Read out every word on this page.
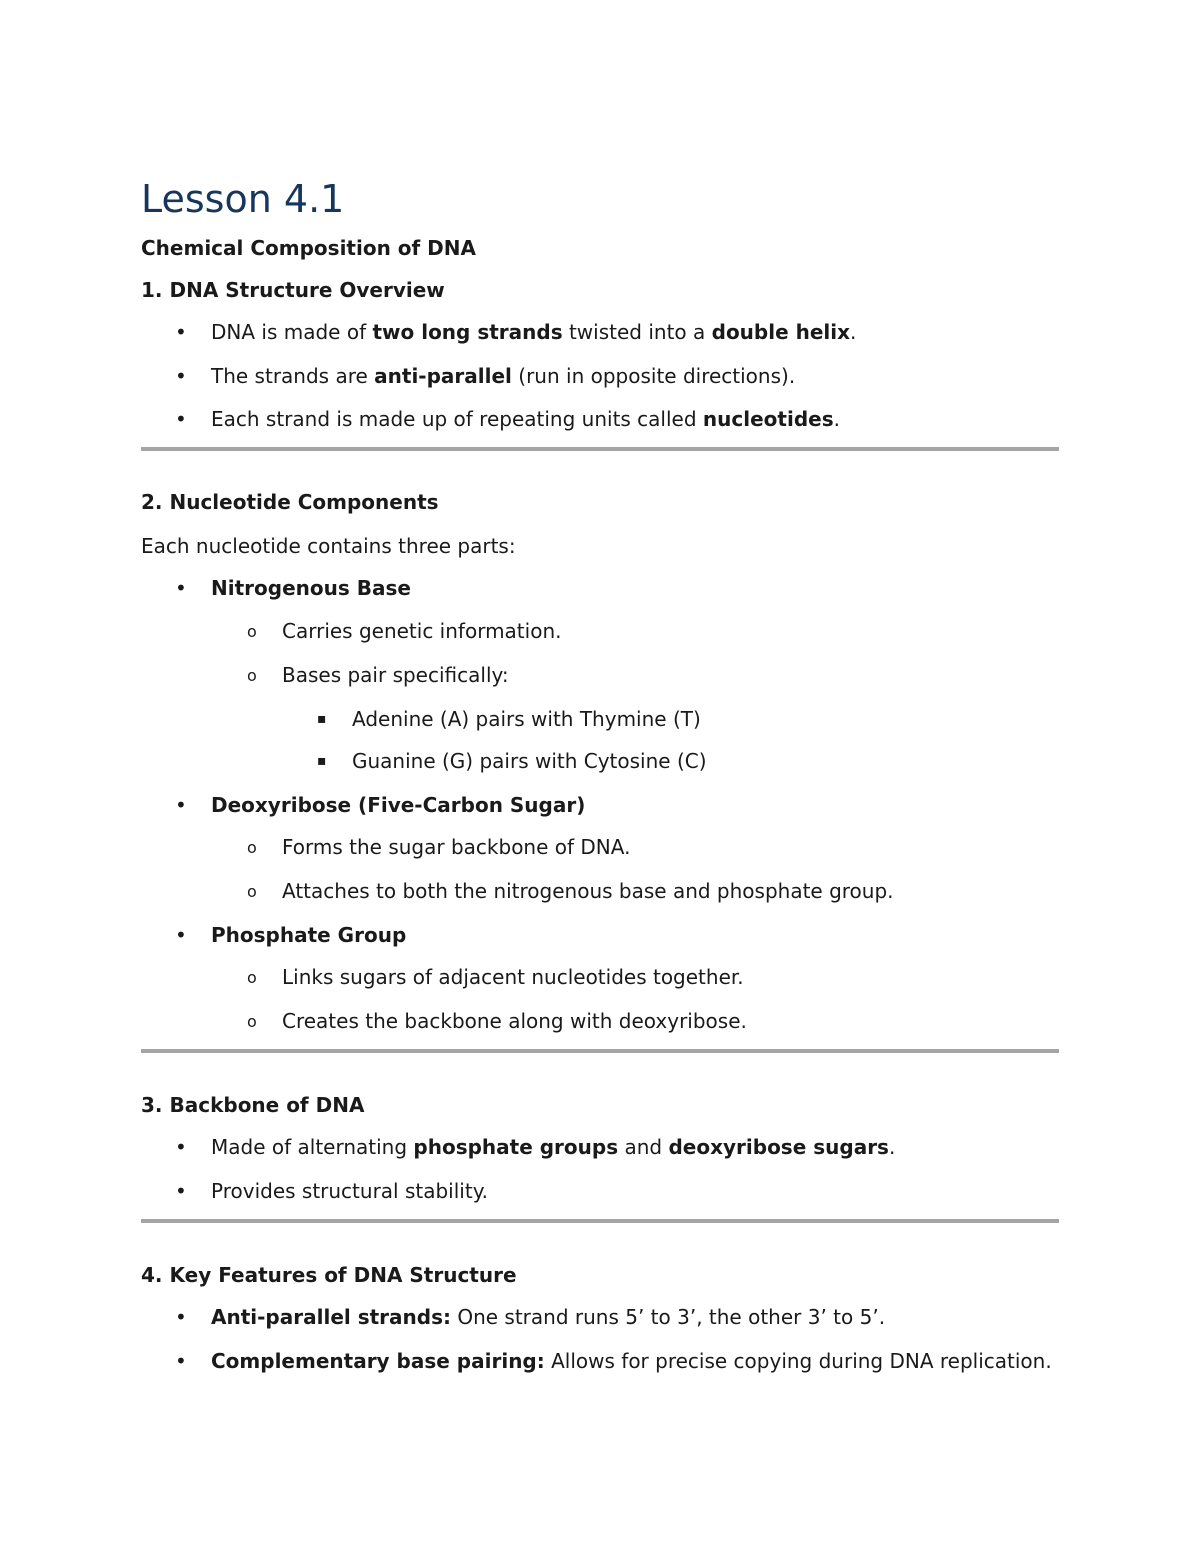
Lesson 4.1
Chemical Composition of DNA
1. DNA Structure Overview
• DNA is made of two long strands twisted into a double helix.
• The strands are anti-parallel (run in opposite directions).
• Each strand is made up of repeating units called nucleotides.
2. Nucleotide Components
Each nucleotide contains three parts:
• Nitrogenous Base
o Carries genetic information.
o Bases pair specifically:
▪ Adenine (A) pairs with Thymine (T)
▪ Guanine (G) pairs with Cytosine (C)
• Deoxyribose (Five-Carbon Sugar)
o Forms the sugar backbone of DNA.
o Attaches to both the nitrogenous base and phosphate group.
• Phosphate Group
o Links sugars of adjacent nucleotides together.
o Creates the backbone along with deoxyribose.
3. Backbone of DNA
• Made of alternating phosphate groups and deoxyribose sugars.
• Provides structural stability.
4. Key Features of DNA Structure
• Anti-parallel strands: One strand runs 5’ to 3’, the other 3’ to 5’.
• Complementary base pairing: Allows for precise copying during DNA replication.
